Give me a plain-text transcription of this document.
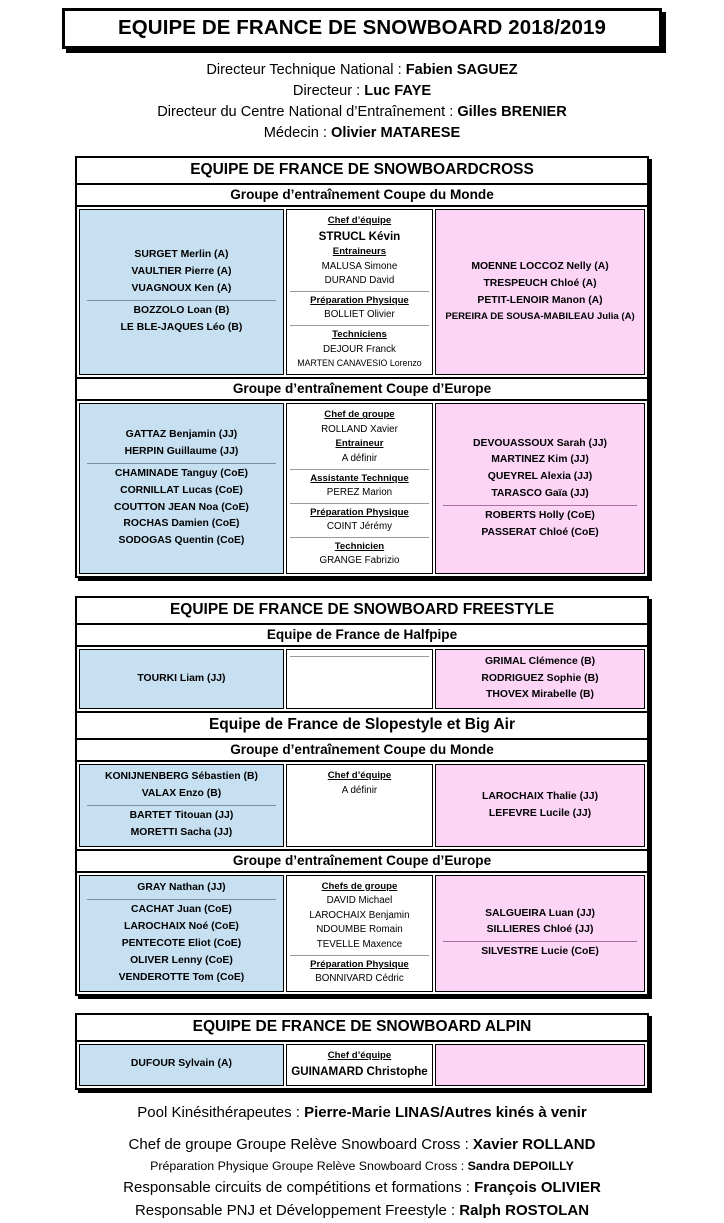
EQUIPE DE FRANCE DE SNOWBOARD 2018/2019
Directeur Technique National : Fabien SAGUEZ
Directeur : Luc FAYE
Directeur du Centre National d’Entraînement : Gilles BRENIER
Médecin : Olivier MATARESE
EQUIPE DE FRANCE DE SNOWBOARDCROSS
Groupe d’entraînement Coupe du Monde
SURGET Merlin (A)
VAULTIER Pierre (A)
VUAGNOUX Ken (A)
BOZZOLO Loan (B)
LE BLE-JAQUES Léo (B)
Chef d’équipe
STRUCL Kévin
Entraineurs
MALUSA Simone
DURAND David
Préparation Physique
BOLLIET Olivier
Techniciens
DEJOUR Franck
MARTEN CANAVESIO Lorenzo
MOENNE LOCCOZ Nelly (A)
TRESPEUCH Chloé (A)
PETIT-LENOIR Manon (A)
PEREIRA DE SOUSA-MABILEAU Julia (A)
Groupe d’entraînement Coupe d’Europe
GATTAZ Benjamin (JJ)
HERPIN Guillaume (JJ)
CHAMINADE Tanguy (CoE)
CORNILLAT Lucas (CoE)
COUTTON JEAN Noa (CoE)
ROCHAS Damien (CoE)
SODOGAS Quentin (CoE)
Chef de groupe
ROLLAND Xavier
Entraineur
A définir
Assistante Technique
PEREZ Marion
Préparation Physique
COINT Jérémy
Technicien
GRANGE Fabrizio
DEVOUASSOUX Sarah (JJ)
MARTINEZ Kim (JJ)
QUEYREL Alexia (JJ)
TARASCO Gaïa (JJ)
ROBERTS Holly (CoE)
PASSERAT Chloé (CoE)
EQUIPE DE FRANCE DE SNOWBOARD FREESTYLE
Equipe de France de Halfpipe
TOURKI Liam (JJ)
GRIMAL Clémence (B)
RODRIGUEZ Sophie (B)
THOVEX Mirabelle (B)
Equipe de France de Slopestyle et Big Air
Groupe d’entraînement Coupe du Monde
KONIJNENBERG Sébastien (B)
VALAX Enzo (B)
BARTET Titouan (JJ)
MORETTI Sacha (JJ)
Chef d’équipe
A définir
LAROCHAIX Thalie (JJ)
LEFEVRE Lucile (JJ)
Groupe d’entraînement Coupe d’Europe
GRAY Nathan (JJ)
CACHAT Juan (CoE)
LAROCHAIX Noé (CoE)
PENTECOTE Eliot (CoE)
OLIVER Lenny (CoE)
VENDEROTTE Tom (CoE)
Chefs de groupe
DAVID Michael
LAROCHAIX Benjamin
NDOUMBE Romain
TEVELLE Maxence
Préparation Physique
BONNIVARD Cédric
SALGUEIRA Luan (JJ)
SILLIERES Chloé (JJ)
SILVESTRE Lucie (CoE)
EQUIPE DE FRANCE DE SNOWBOARD ALPIN
DUFOUR Sylvain (A)
Chef d’équipe
GUINAMARD Christophe
Pool Kinésithérapeutes : Pierre-Marie LINAS/Autres kinés à venir
Chef de groupe Groupe Relève Snowboard Cross : Xavier ROLLAND
Préparation Physique Groupe Relève Snowboard Cross : Sandra DEPOILLY
Responsable circuits de compétitions et formations : François OLIVIER
Responsable PNJ et Développement Freestyle : Ralph ROSTOLAN
